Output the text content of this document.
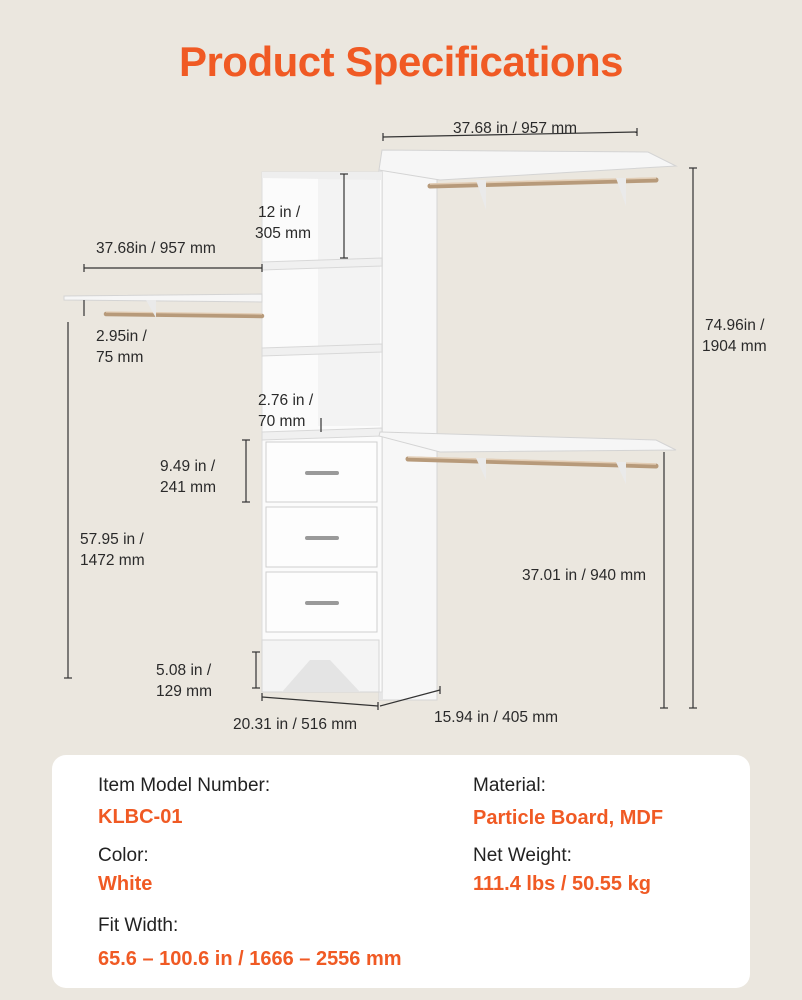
Product Specifications
37.68 in / 957 mm
37.68in / 957 mm
12 in /
305 mm
2.95in /
75 mm
74.96in /
1904 mm
2.76 in /
70 mm
9.49 in /
241 mm
57.95 in /
1472 mm
37.01 in / 940 mm
5.08 in /
129 mm
20.31 in / 516 mm	15.94 in / 405 mm
Item Model Number:
KLBC-01
Material:
Particle Board, MDF
Color:
White
Net Weight:
111.4 lbs / 50.55 kg
Fit Width:
65.6 – 100.6 in / 1666 – 2556 mm
